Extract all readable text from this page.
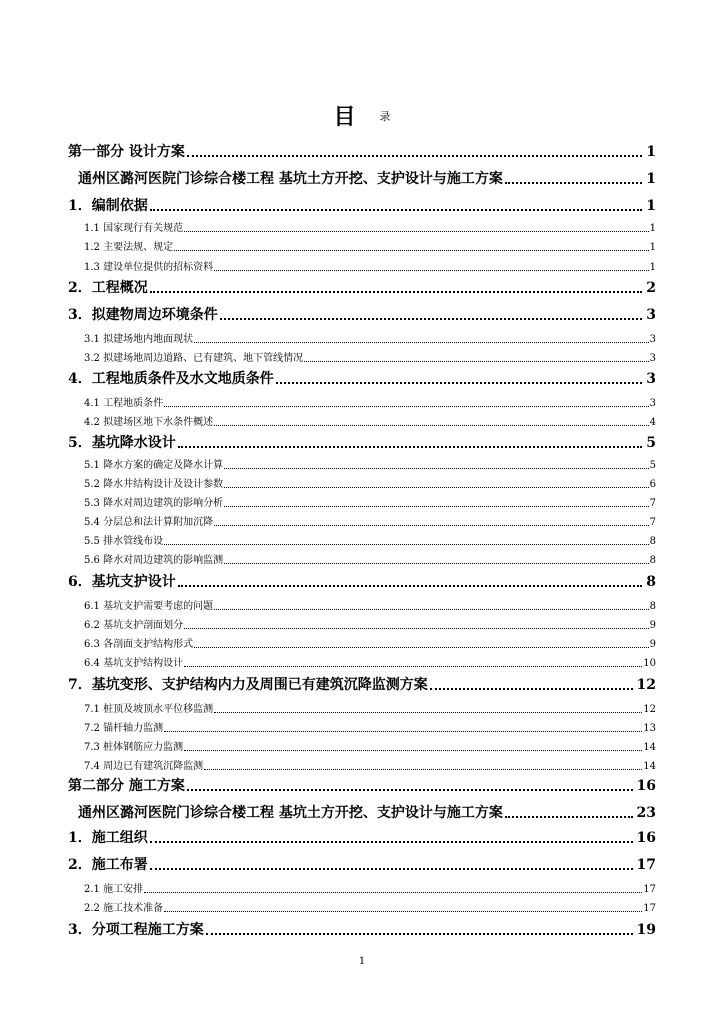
目 $^录$
第一部分 设计方案	1
通州区潞河医院门诊综合楼工程 基坑土方开挖、支护设计与施工方案	1
1．编制依据	1
1.1 国家现行有关规范	1
1.2 主要法规、规定	1
1.3 建设单位提供的招标资料	1
2．工程概况	2
3．拟建物周边环境条件	3
3.1 拟建场地内地面现状	3
3.2 拟建场地周边道路、已有建筑、地下管线情况	3
4．工程地质条件及水文地质条件	3
4.1 工程地质条件	3
4.2 拟建场区地下水条件概述	4
5．基坑降水设计	5
5.1 降水方案的确定及降水计算	5
5.2 降水井结构设计及设计参数	6
5.3 降水对周边建筑的影响分析	7
5.4 分层总和法计算附加沉降	7
5.5 排水管线布设	8
5.6 降水对周边建筑的影响监测	8
6．基坑支护设计	8
6.1 基坑支护需要考虑的问题	8
6.2 基坑支护剖面划分	9
6.3 各剖面支护结构形式	9
6.4 基坑支护结构设计	10
7．基坑变形、支护结构内力及周围已有建筑沉降监测方案	12
7.1 桩顶及坡顶水平位移监测	12
7.2 锚杆轴力监测	13
7.3 桩体钢筋应力监测	14
7.4 周边已有建筑沉降监测	14
第二部分 施工方案	16
通州区潞河医院门诊综合楼工程 基坑土方开挖、支护设计与施工方案	23
1．施工组织	16
2．施工布署	17
2.1 施工安排	17
2.2 施工技术准备	17
3．分项工程施工方案	19
1
